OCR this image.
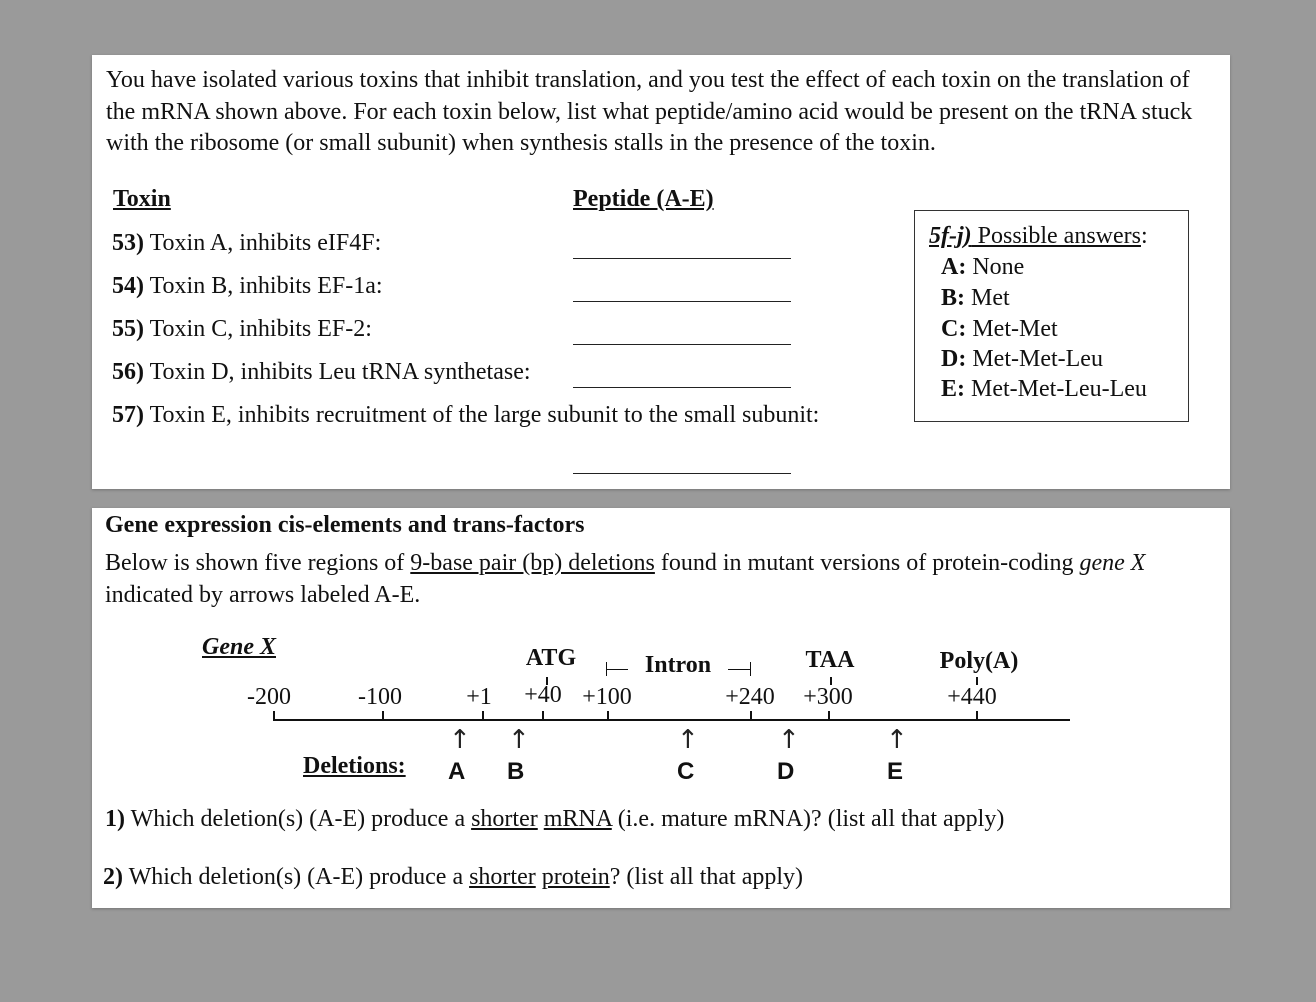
You have isolated various toxins that inhibit translation, and you test the effect of each toxin on the translation of the mRNA shown above. For each toxin below, list what peptide/amino acid would be present on the tRNA stuck with the ribosome (or small subunit) when synthesis stalls in the presence of the toxin.
Toxin	Peptide (A-E)
53) Toxin A, inhibits eIF4F:
54) Toxin B, inhibits EF-1a:
55) Toxin C, inhibits EF-2:
56) Toxin D, inhibits Leu tRNA synthetase:
57) Toxin E, inhibits recruitment of the large subunit to the small subunit:
5f-j) Possible answers:
A: None
B: Met
C: Met-Met
D: Met-Met-Leu
E: Met-Met-Leu-Leu
Gene expression cis-elements and trans-factors
Below is shown five regions of 9-base pair (bp) deletions found in mutant versions of protein-coding gene X
indicated by arrows labeled A-E.
Gene X	ATG	TAA	Poly(A)
Intron
-200	-100	+1 +40 +100	+240 +300	+440
↑ ↑	↑	↑	↑
Deletions: A B	C	D	E
1) Which deletion(s) (A-E) produce a shorter mRNA (i.e. mature mRNA)? (list all that apply)
2) Which deletion(s) (A-E) produce a shorter protein? (list all that apply)
